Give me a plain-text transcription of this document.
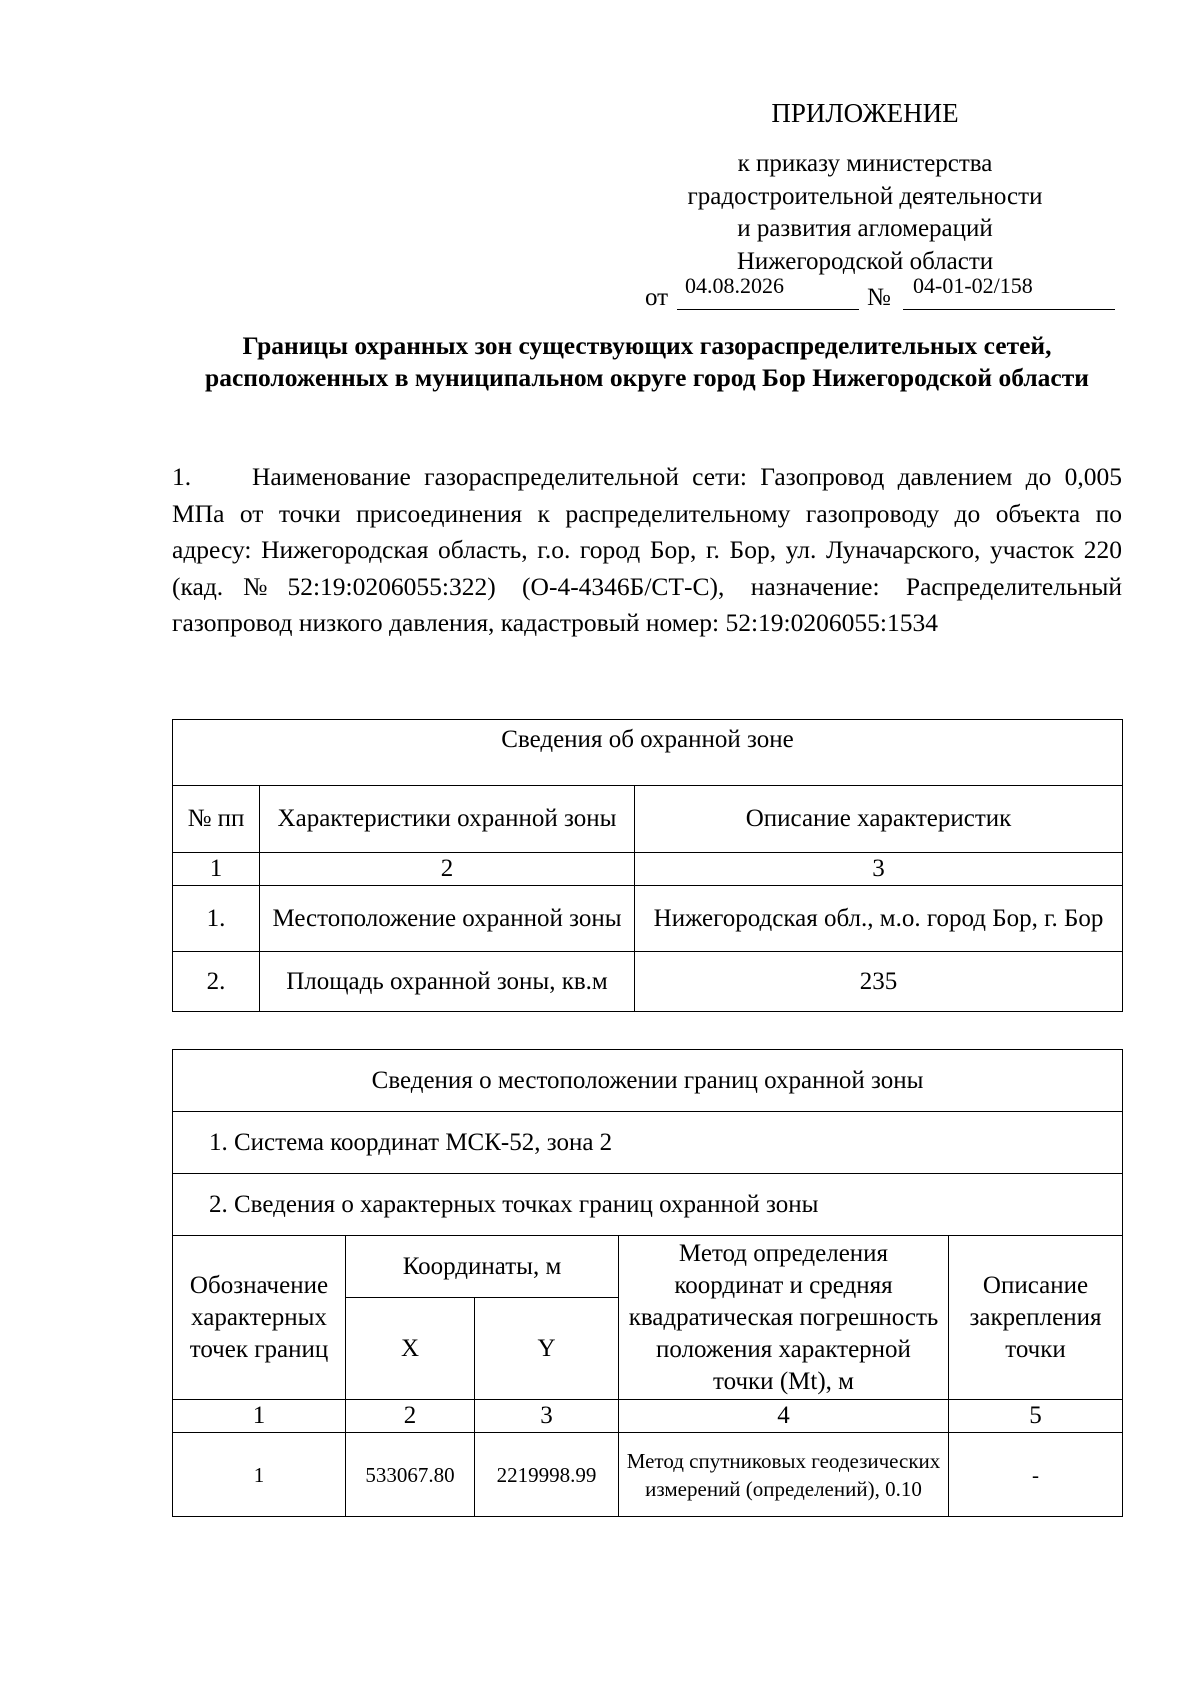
ПРИЛОЖЕНИЕ
к приказу министерства
градостроительной деятельности
и развития агломераций
Нижегородской области
от 04.08.2026	№ 04-01-02/158
Границы охранных зон существующих газораспределительных сетей, расположенных в муниципальном округе город Бор Нижегородской области
1. Наименование газораспределительной сети: Газопровод давлением до 0,005 МПа от точки присоединения к распределительному газопроводу до объекта по адресу: Нижегородская область, г.о. город Бор, г. Бор, ул. Луначарского, участок 220 (кад.№52:19:0206055:322) (О-4-4346Б/СТ-С), назначение: Распределительный газопровод низкого давления, кадастровый номер: 52:19:0206055:1534
Сведения об охранной зоне		
№ пп	Характеристики охранной зоны	Описание характеристик
1	2	3
1.	Местоположение охранной зоны	Нижегородская обл., м.о. город Бор, г. Бор
2.	Площадь охранной зоны, кв.м	235
Сведения о местоположении границ охранной зоны				
1. Система координат МСК-52, зона 2				
2. Сведения о характерных точках границ охранной зоны				
Обозначение характерных точек границ	Координаты, м		Метод определения координат и средняя квадратическая погрешность положения характерной точки (Mt), м	Описание закрепления точки
	X	Y		
1	2	3	4	5
1	533067.80	2219998.99	Метод спутниковых геодезических измерений (определений), 0.10	-
